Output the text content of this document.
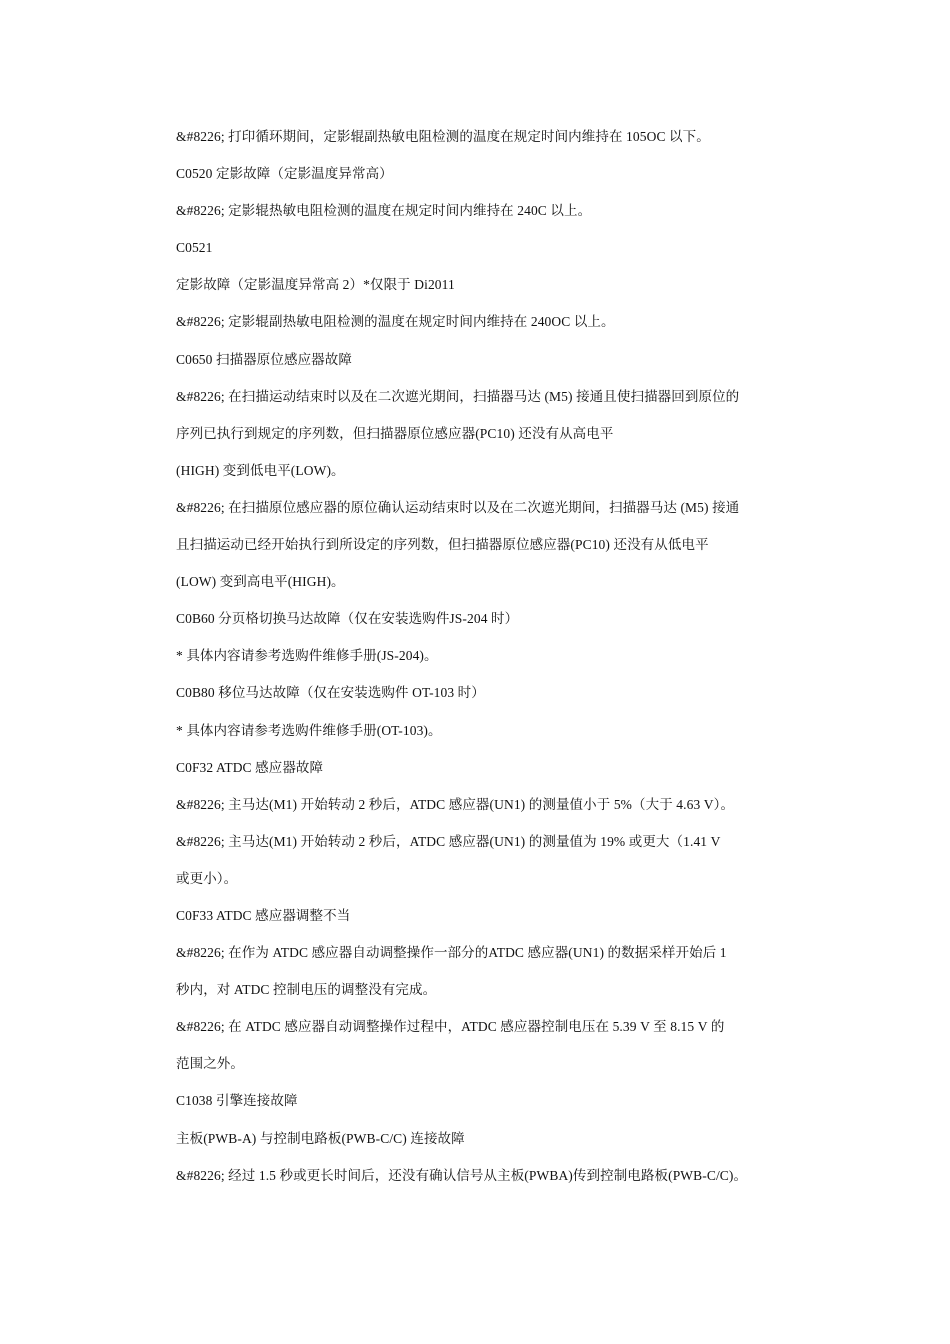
&#8226; 打印循环期间，定影辊副热敏电阻检测的温度在规定时间内维持在 105OC 以下。
C0520 定影故障（定影温度异常高）
&#8226; 定影辊热敏电阻检测的温度在规定时间内维持在 240C 以上。
C0521
定影故障（定影温度异常高 2）*仅限于 Di2011
&#8226; 定影辊副热敏电阻检测的温度在规定时间内维持在 240OC 以上。
C0650 扫描器原位感应器故障
&#8226; 在扫描运动结束时以及在二次遮光期间，扫描器马达 (M5) 接通且使扫描器回到原位的
序列已执行到规定的序列数，但扫描器原位感应器(PC10) 还没有从高电平
(HIGH) 变到低电平(LOW)。
&#8226; 在扫描原位感应器的原位确认运动结束时以及在二次遮光期间，扫描器马达 (M5) 接通
且扫描运动已经开始执行到所设定的序列数，但扫描器原位感应器(PC10) 还没有从低电平
(LOW) 变到高电平(HIGH)。
C0B60 分页格切换马达故障（仅在安装选购件JS-204 时）
* 具体内容请参考选购件维修手册(JS-204)。
C0B80 移位马达故障（仅在安装选购件 OT-103 时）
* 具体内容请参考选购件维修手册(OT-103)。
C0F32 ATDC 感应器故障
&#8226; 主马达(M1) 开始转动 2 秒后，ATDC 感应器(UN1) 的测量值小于 5%（大于 4.63 V）。
&#8226; 主马达(M1) 开始转动 2 秒后，ATDC 感应器(UN1) 的测量值为 19% 或更大（1.41 V
或更小）。
C0F33 ATDC 感应器调整不当
&#8226; 在作为 ATDC 感应器自动调整操作一部分的ATDC 感应器(UN1) 的数据采样开始后 1
秒内，对 ATDC 控制电压的调整没有完成。
&#8226; 在 ATDC 感应器自动调整操作过程中，ATDC 感应器控制电压在 5.39 V 至 8.15 V 的
范围之外。
C1038 引擎连接故障
主板(PWB-A) 与控制电路板(PWB-C/C) 连接故障
&#8226; 经过 1.5 秒或更长时间后，还没有确认信号从主板(PWBA)传到控制电路板(PWB-C/C)。
